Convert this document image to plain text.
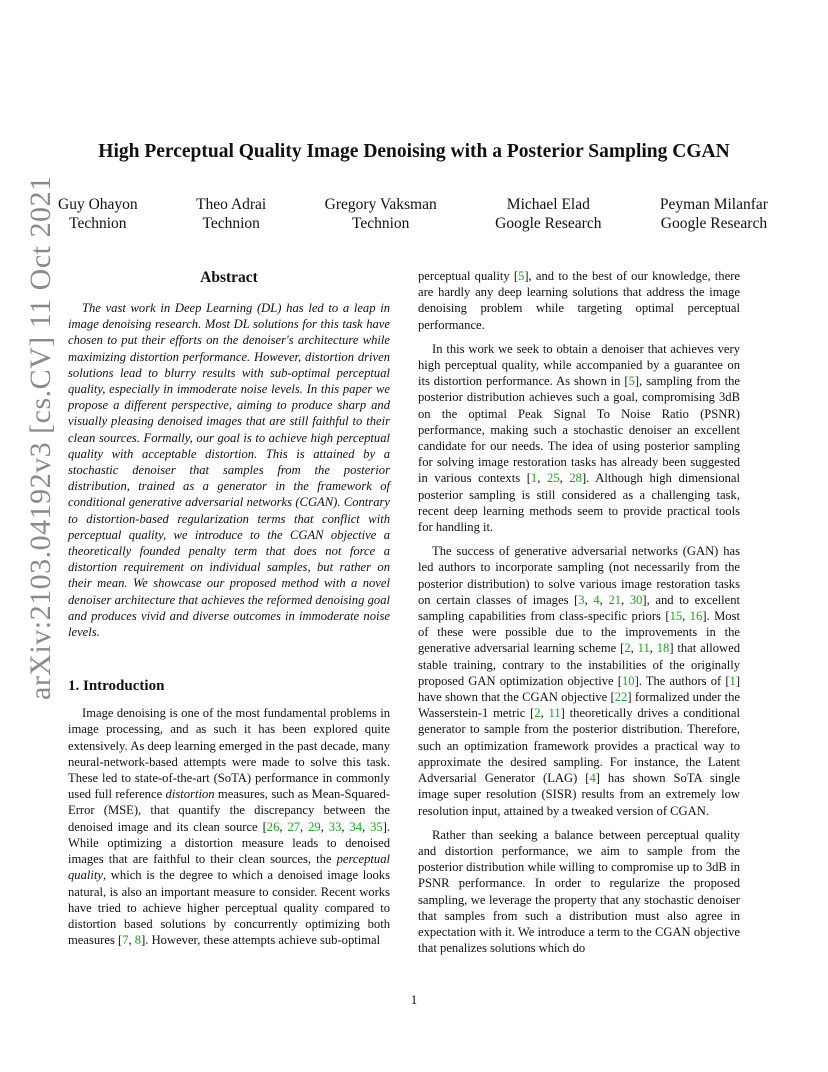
High Perceptual Quality Image Denoising with a Posterior Sampling CGAN
Guy Ohayon
Technion
Theo Adrai
Technion
Gregory Vaksman
Technion
Michael Elad
Google Research
Peyman Milanfar
Google Research
arXiv:2103.04192v3 [cs.CV] 11 Oct 2021	Abstract

The vast work in Deep Learning (DL) has led to a leap in image denoising research. Most DL solutions for this task have chosen to put their efforts on the denoiser's architecture while maximizing distortion performance. However, distortion driven solutions lead to blurry results with sub-optimal perceptual quality, especially in immoderate noise levels. In this paper we propose a different perspective, aiming to produce sharp and visually pleasing denoised images that are still faithful to their clean sources. Formally, our goal is to achieve high perceptual quality with acceptable distortion. This is attained by a stochastic denoiser that samples from the posterior distribution, trained as a generator in the framework of conditional generative adversarial networks (CGAN). Contrary to distortion-based regularization terms that conflict with perceptual quality, we introduce to the CGAN objective a theoretically founded penalty term that does not force a distortion requirement on individual samples, but rather on their mean. We showcase our proposed method with a novel denoiser architecture that achieves the reformed denoising goal and produces vivid and diverse outcomes in immoderate noise levels.

1. Introduction

Image denoising is one of the most fundamental problems in image processing, and as such it has been explored quite extensively. As deep learning emerged in the past decade, many neural-network-based attempts were made to solve this task. These led to state-of-the-art (SoTA) performance in commonly used full reference distortion measures, such as Mean-Squared-Error (MSE), that quantify the discrepancy between the denoised image and its clean source [26, 27, 29, 33, 34, 35]. While optimizing a distortion measure leads to denoised images that are faithful to their clean sources, the perceptual quality, which is the degree to which a denoised image looks natural, is also an important measure to consider. Recent works have tried to achieve higher perceptual quality compared to distortion based solutions by concurrently optimizing both measures [7, 8]. However, these attempts achieve sub-optimal

perceptual quality [5], and to the best of our knowledge, there are hardly any deep learning solutions that address the image denoising problem while targeting optimal perceptual performance.

In this work we seek to obtain a denoiser that achieves very high perceptual quality, while accompanied by a guarantee on its distortion performance. As shown in [5], sampling from the posterior distribution achieves such a goal, compromising 3dB on the optimal Peak Signal To Noise Ratio (PSNR) performance, making such a stochastic denoiser an excellent candidate for our needs. The idea of using posterior sampling for solving image restoration tasks has already been suggested in various contexts [1, 25, 28]. Although high dimensional posterior sampling is still considered as a challenging task, recent deep learning methods seem to provide practical tools for handling it.

The success of generative adversarial networks (GAN) has led authors to incorporate sampling (not necessarily from the posterior distribution) to solve various image restoration tasks on certain classes of images [3, 4, 21, 30], and to excellent sampling capabilities from class-specific priors [15, 16]. Most of these were possible due to the improvements in the generative adversarial learning scheme [2, 11, 18] that allowed stable training, contrary to the instabilities of the originally proposed GAN optimization objective [10]. The authors of [1] have shown that the CGAN objective [22] formalized under the Wasserstein-1 metric [2, 11] theoretically drives a conditional generator to sample from the posterior distribution. Therefore, such an optimization framework provides a practical way to approximate the desired sampling. For instance, the Latent Adversarial Generator (LAG) [4] has shown SoTA single image super resolution (SISR) results from an extremely low resolution input, attained by a tweaked version of CGAN.

Rather than seeking a balance between perceptual quality and distortion performance, we aim to sample from the posterior distribution while willing to compromise up to 3dB in PSNR performance. In order to regularize the proposed sampling, we leverage the property that any stochastic denoiser that samples from such a distribution must also agree in expectation with it. We introduce a term to the CGAN objective that penalizes solutions which do

1
